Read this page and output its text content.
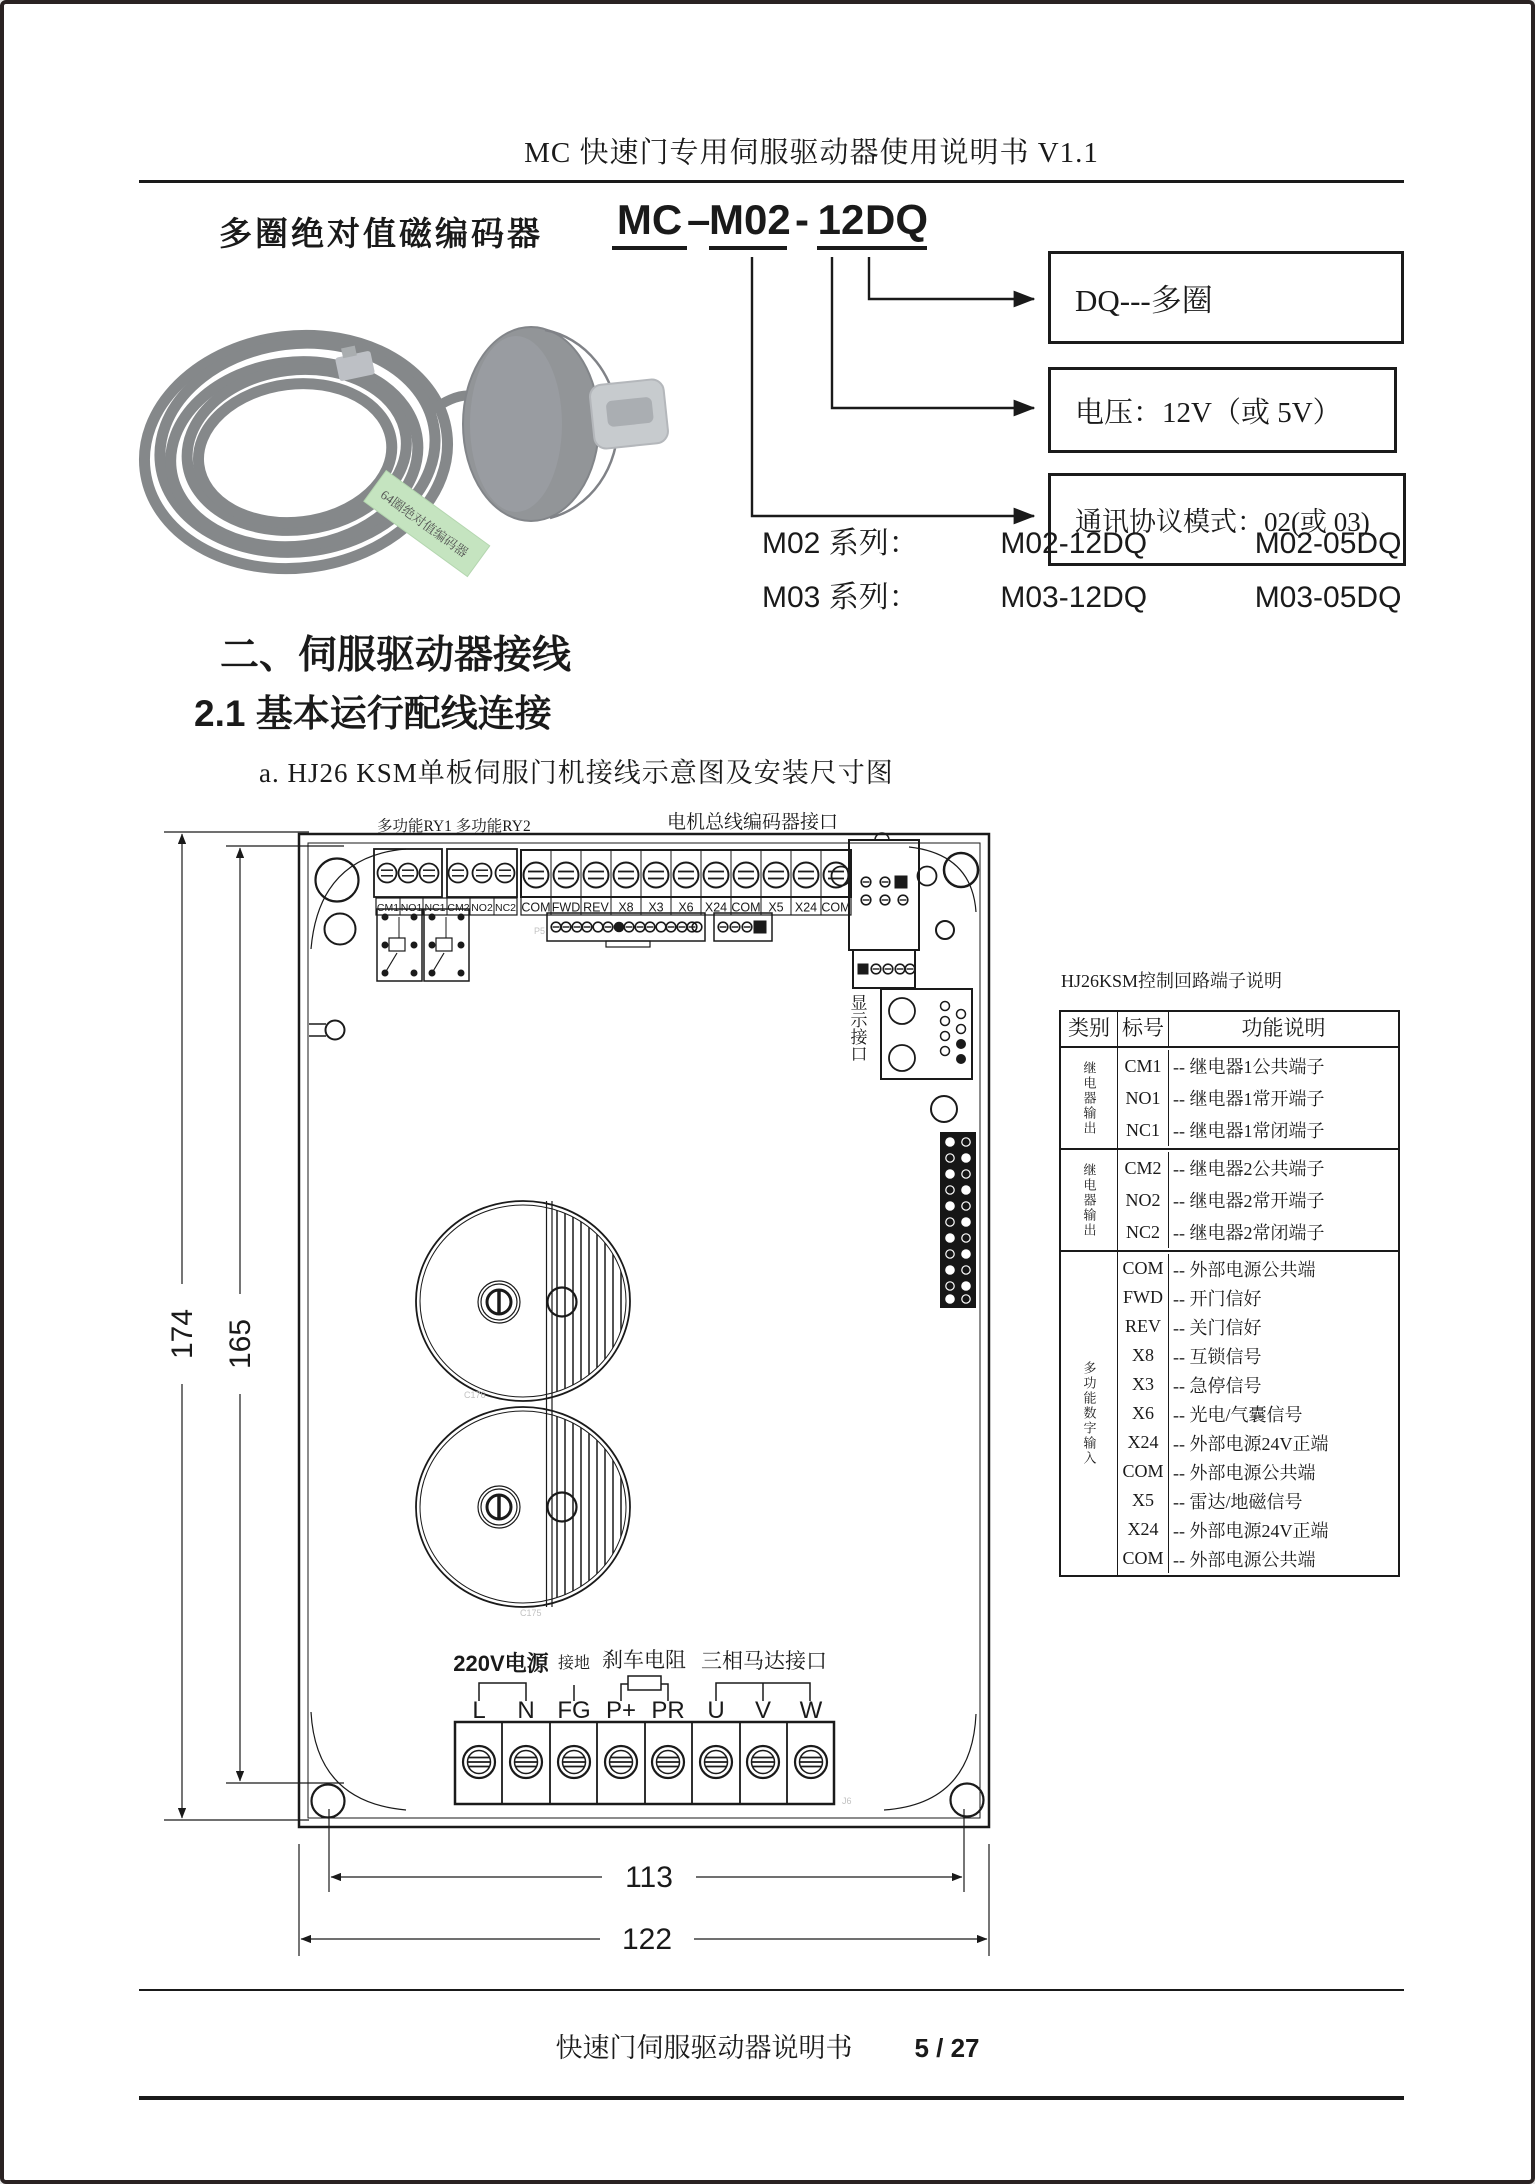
MC 快速门专用伺服驱动器使用说明书 V1.1
多圈绝对值磁编码器 MC –M02 - 12DQ
DQ---多圈
电压：12V（或 5V）
通讯协议模式：02(或 03)
64圈绝对值编码器	M02 系列：	M02-12DQ	M02-05DQ
M03 系列：	M03-12DQ	M03-05DQ
二、伺服驱动器接线
2.1 基本运行配线连接
a. HJ26 KSM单板伺服门机接线示意图及安装尺寸图
多功能RY1 多功能RY2	电机总线编码器接口
CM1 NO1 NC1 CM2 NO2 NC2 COM FWD REV X8 X3 X6 X24 COM X5 X24 COM
显示接口
220V电源 接地 刹车电阻 三相马达接口
L N FG P+ PR U V W
174 165
113
122
C176
C175
J6
P5
HJ26KSM控制回路端子说明
类别 标号	功能说明
继电器输出	CM1 -- 继电器1公共端子
NO1 -- 继电器1常开端子
NC1 -- 继电器1常闭端子
继电器输出	CM2 -- 继电器2公共端子
NO2 -- 继电器2常开端子
NC2 -- 继电器2常闭端子
多功能数字输入
COM -- 外部电源公共端
FWD -- 开门信好
REV -- 关门信好
X8	-- 互锁信号
X3	-- 急停信号
X6	-- 光电/气囊信号
X24 -- 外部电源24V正端
COM -- 外部电源公共端
X5	-- 雷达/地磁信号
X24 -- 外部电源24V正端
COM -- 外部电源公共端
快速门伺服驱动器说明书 5 / 27
